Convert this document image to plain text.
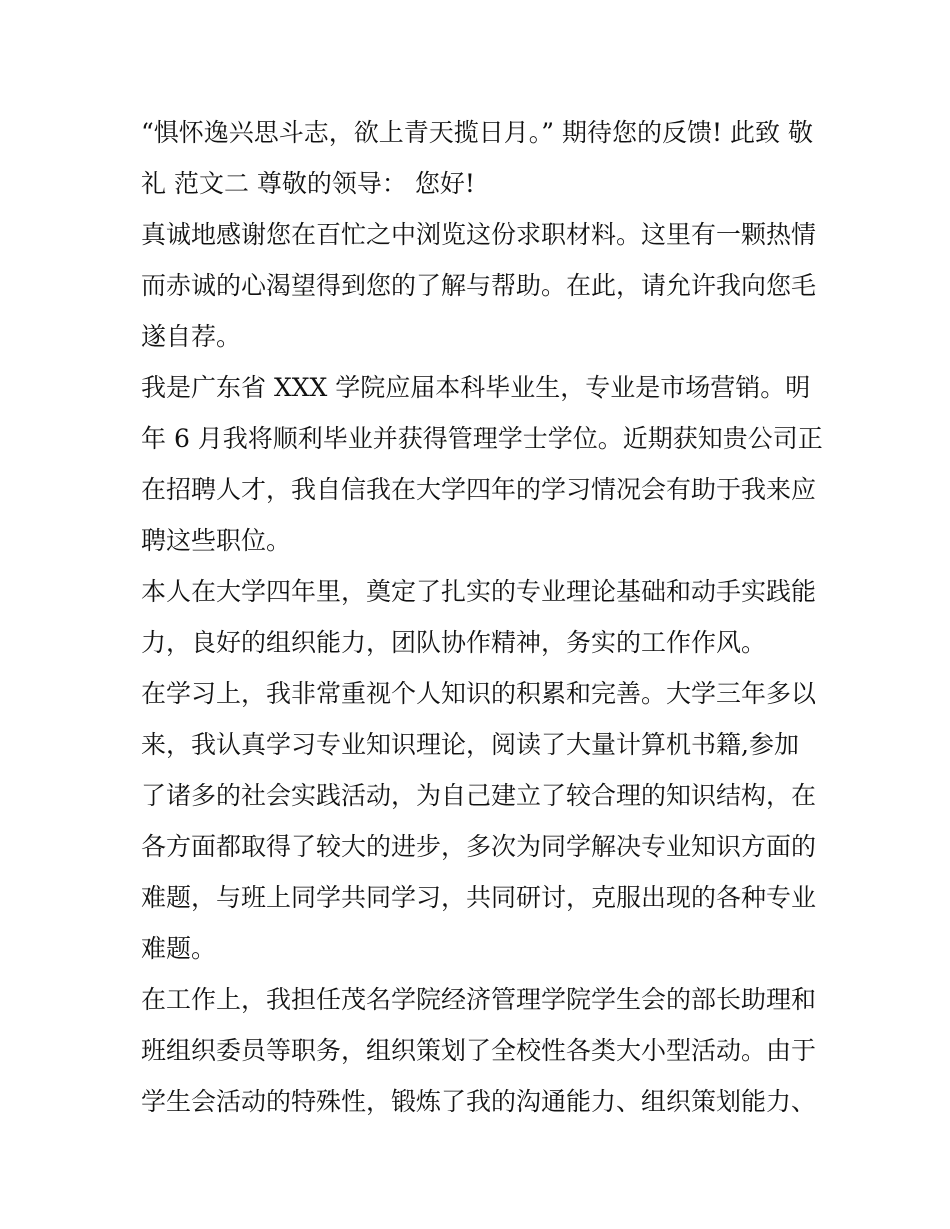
“惧怀逸兴思斗志，欲上青天揽日月。” 期待您的反馈! 此致 敬
礼 范文二 尊敬的领导： 您好!

真诚地感谢您在百忙之中浏览这份求职材料。这里有一颗热情
而赤诚的心渴望得到您的了解与帮助。在此，请允许我向您毛
遂自荐。

我是广东省 XXX 学院应届本科毕业生，专业是市场营销。明
年 6 月我将顺利毕业并获得管理学士学位。近期获知贵公司正
在招聘人才，我自信我在大学四年的学习情况会有助于我来应
聘这些职位。

本人在大学四年里，奠定了扎实的专业理论基础和动手实践能
力，良好的组织能力，团队协作精神，务实的工作作风。

在学习上，我非常重视个人知识的积累和完善。大学三年多以
来，我认真学习专业知识理论，阅读了大量计算机书籍,参加
了诸多的社会实践活动，为自己建立了较合理的知识结构，在
各方面都取得了较大的进步，多次为同学解决专业知识方面的
难题，与班上同学共同学习，共同研讨，克服出现的各种专业
难题。

在工作上，我担任茂名学院经济管理学院学生会的部长助理和
班组织委员等职务，组织策划了全校性各类大小型活动。由于
学生会活动的特殊性，锻炼了我的沟通能力、组织策划能力、
